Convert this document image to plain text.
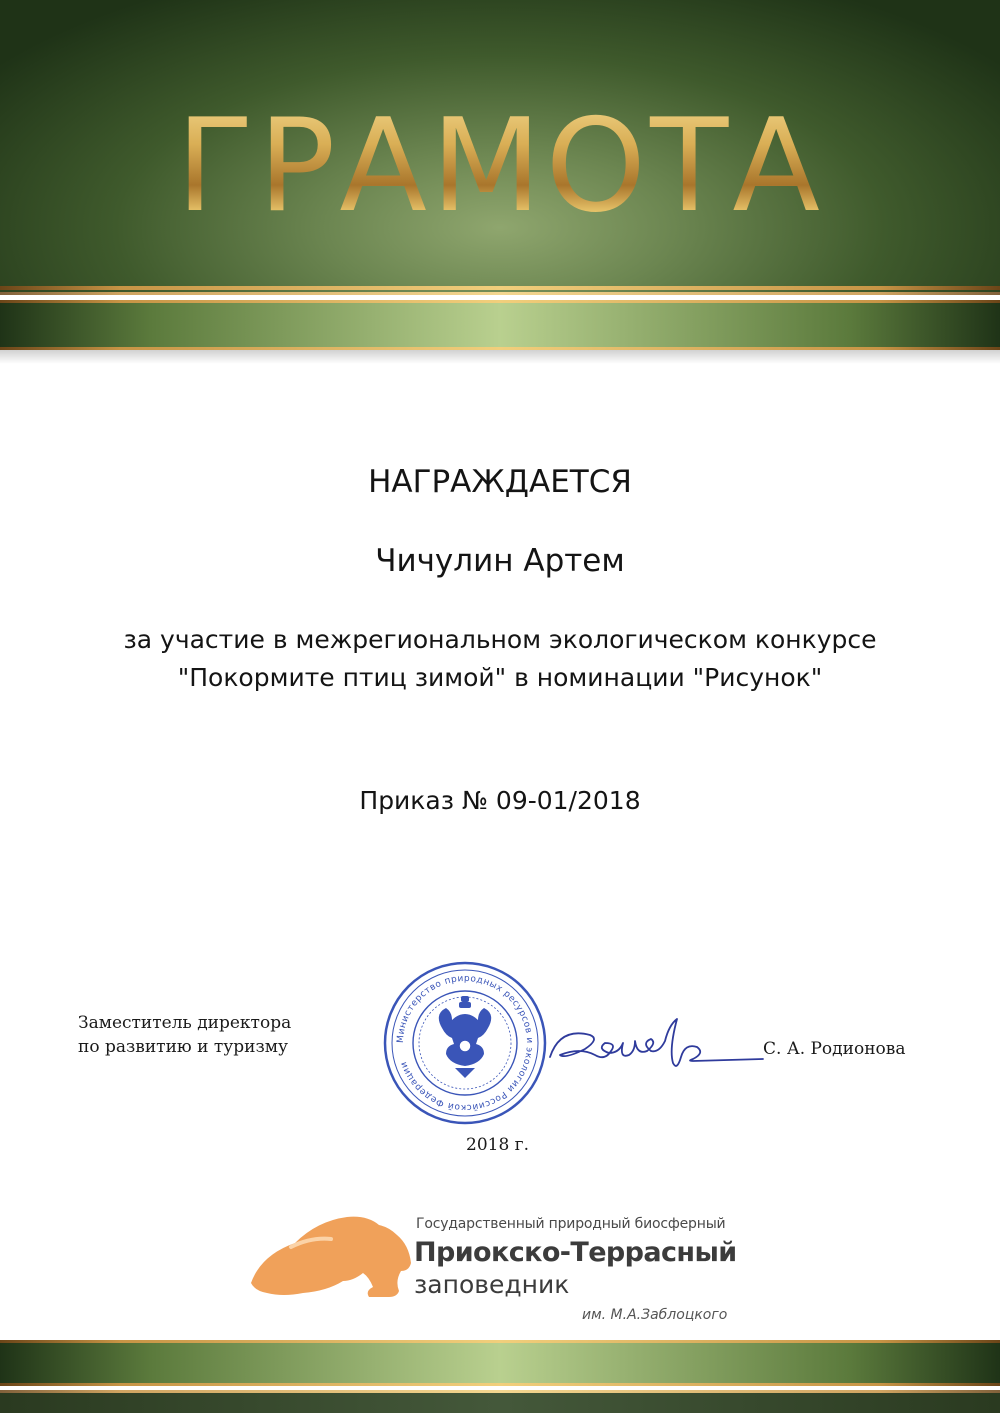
ГРАМОТА
НАГРАЖДАЕТСЯ
Чичулин Артем
за участие в межрегиональном экологическом конкурсе
"Покормите птиц зимой" в номинации "Рисунок"
Приказ № 09-01/2018
Заместитель директора
по развитию и туризму	Министерство природных ресурсов и экологии Российской Федерации
С. А. Родионова
2018 г.
Государственный природный биосферный
Приокско-Террасный
заповедник
им. М.А.Заблоцкого
